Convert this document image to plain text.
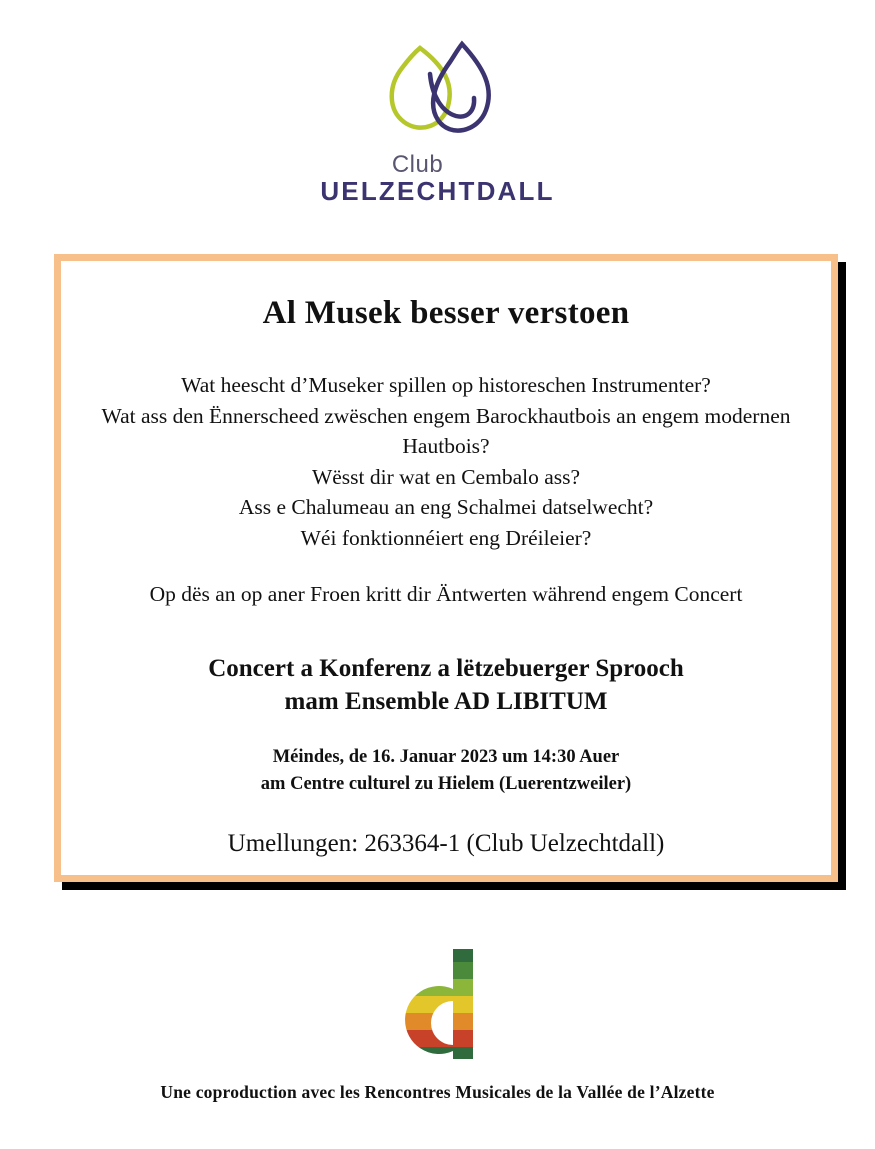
Club
UELZECHTDALL
Al Musek besser verstoen
Wat heescht d’Museker spillen op historeschen Instrumenter?
Wat ass den Ënnerscheed zwëschen engem Barockhautbois an engem modernen Hautbois?
Wësst dir wat en Cembalo ass?
Ass e Chalumeau an eng Schalmei datselwecht?
Wéi fonktionnéiert eng Dréileier?
Op dës an op aner Froen kritt dir Äntwerten während engem Concert
Concert a Konferenz a lëtzebuerger Sprooch
mam Ensemble AD LIBITUM
Méindes, de 16. Januar 2023 um 14:30 Auer
am Centre culturel zu Hielem (Luerentzweiler)
Umellungen: 263364-1 (Club Uelzechtdall)
Une coproduction avec les Rencontres Musicales de la Vallée de l’Alzette
